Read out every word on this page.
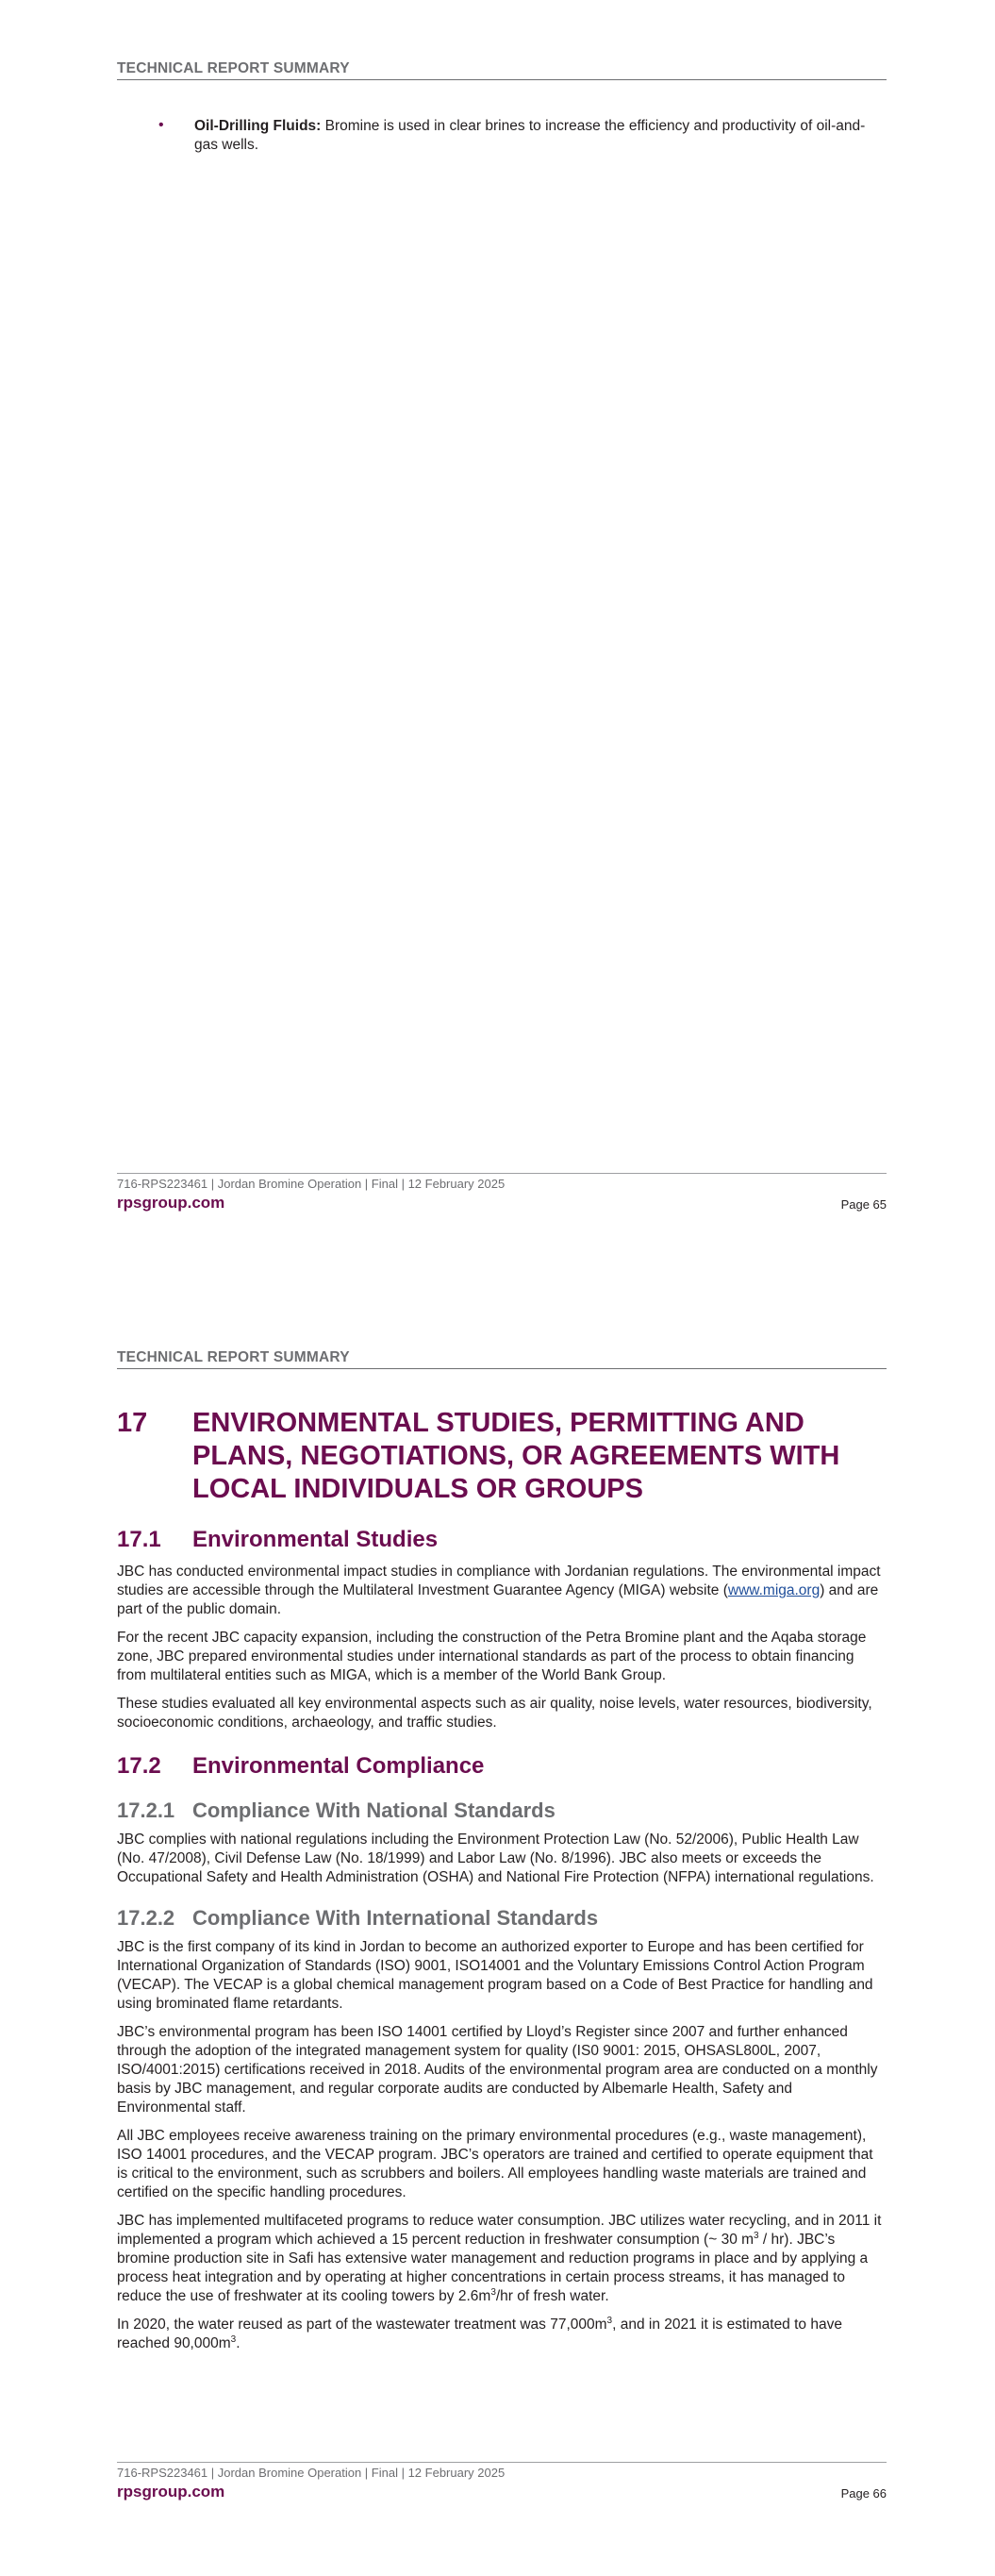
TECHNICAL REPORT SUMMARY
• Oil-Drilling Fluids: Bromine is used in clear brines to increase the efficiency and productivity of oil-and-gas wells.
716-RPS223461 | Jordan Bromine Operation | Final | 12 February 2025
rpsgroup.com	Page 65
TECHNICAL REPORT SUMMARY
17	ENVIRONMENTAL STUDIES, PERMITTING AND PLANS, NEGOTIATIONS, OR AGREEMENTS WITH LOCAL INDIVIDUALS OR GROUPS
17.1	Environmental Studies

JBC has conducted environmental impact studies in compliance with Jordanian regulations. The environmental impact studies are accessible through the Multilateral Investment Guarantee Agency (MIGA) website (www.miga.org) and are part of the public domain.

For the recent JBC capacity expansion, including the construction of the Petra Bromine plant and the Aqaba storage zone, JBC prepared environmental studies under international standards as part of the process to obtain financing from multilateral entities such as MIGA, which is a member of the World Bank Group.

These studies evaluated all key environmental aspects such as air quality, noise levels, water resources, biodiversity, socioeconomic conditions, archaeology, and traffic studies.

17.2	Environmental Compliance
17.2.1 Compliance With National Standards

JBC complies with national regulations including the Environment Protection Law (No. 52/2006), Public Health Law (No. 47/2008), Civil Defense Law (No. 18/1999) and Labor Law (No. 8/1996). JBC also meets or exceeds the Occupational Safety and Health Administration (OSHA) and National Fire Protection (NFPA) international regulations.

17.2.2 Compliance With International Standards

JBC is the first company of its kind in Jordan to become an authorized exporter to Europe and has been certified for International Organization of Standards (ISO) 9001, ISO14001 and the Voluntary Emissions Control Action Program (VECAP). The VECAP is a global chemical management program based on a Code of Best Practice for handling and using brominated flame retardants.

JBC’s environmental program has been ISO 14001 certified by Lloyd’s Register since 2007 and further enhanced through the adoption of the integrated management system for quality (IS0 9001: 2015, OHSASL800L, 2007, ISO/4001:2015) certifications received in 2018. Audits of the environmental program area are conducted on a monthly basis by JBC management, and regular corporate audits are conducted by Albemarle Health, Safety and Environmental staff.

All JBC employees receive awareness training on the primary environmental procedures (e.g., waste management), ISO 14001 procedures, and the VECAP program. JBC’s operators are trained and certified to operate equipment that is critical to the environment, such as scrubbers and boilers. All employees handling waste materials are trained and certified on the specific handling procedures.

JBC has implemented multifaceted programs to reduce water consumption. JBC utilizes water recycling, and in 2011 it implemented a program which achieved a 15 percent reduction in freshwater consumption (~ 30 $m^3 / hr$). JBC’s bromine production site in Safi has extensive water management and reduction programs in place and by applying a process heat integration and by operating at higher concentrations in certain process streams, it has managed to reduce the use of freshwater at its cooling towers by $2.6m^3/hr$ of fresh water.

In 2020, the water reused as part of the wastewater treatment was $77,000m^3$, and in 2021 it is estimated to have reached $90,000m^3$.

716-RPS223461 | Jordan Bromine Operation | Final | 12 February 2025
rpsgroup.com	Page 66
